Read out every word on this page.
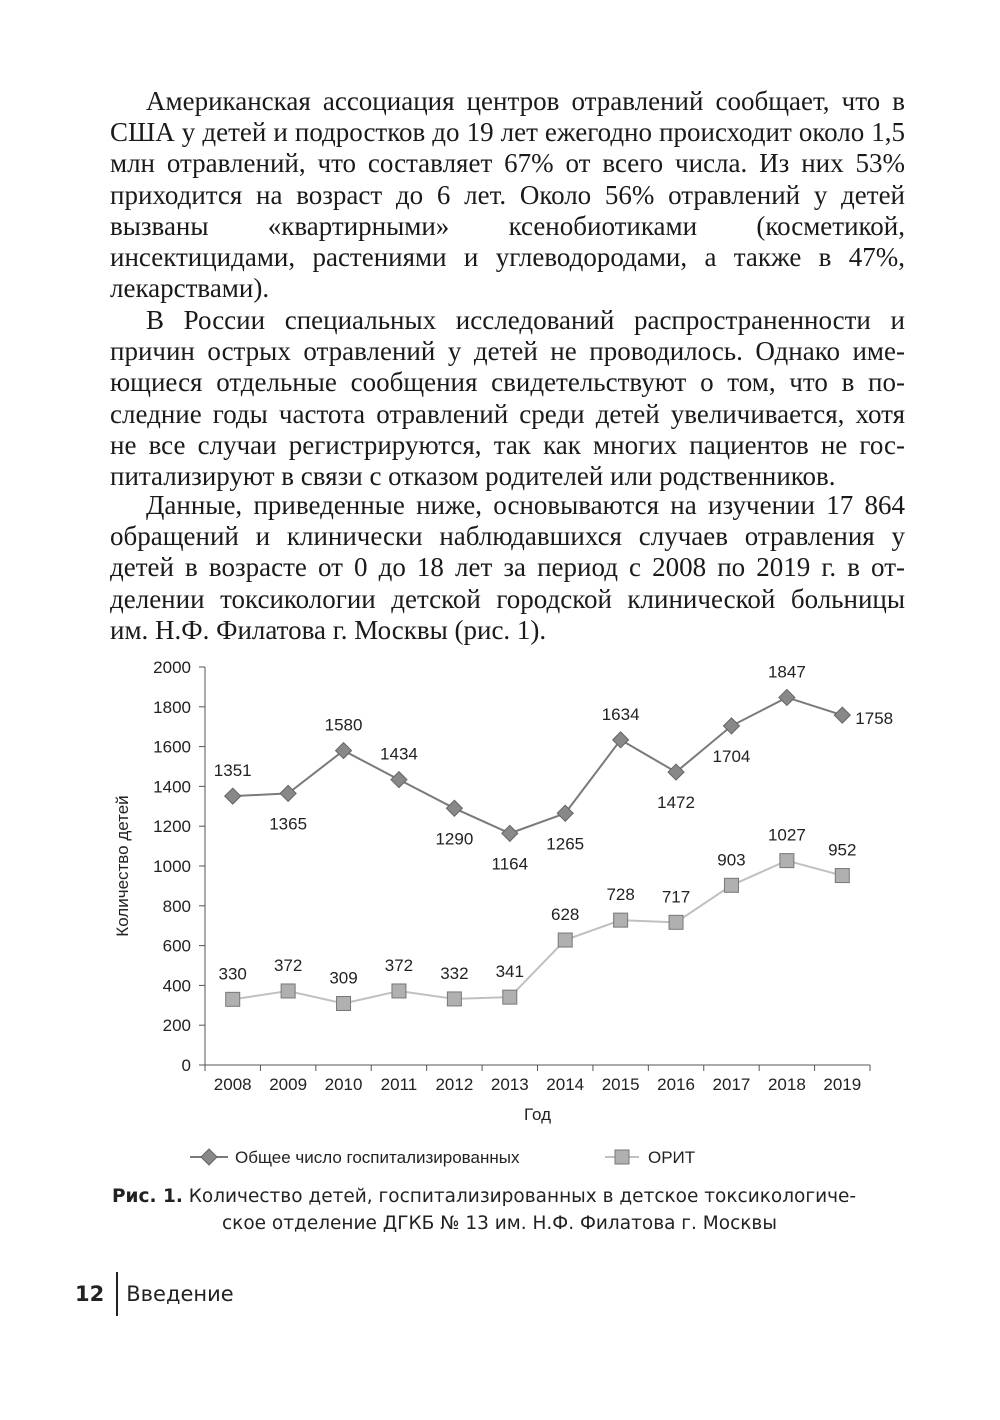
Американская ассоциация центров отравлений сообщает, что в США у детей и подростков до 19 лет ежегодно происходит около 1,5 млн отравлений, что составляет 67% от всего числа. Из них 53% приходится на возраст до 6 лет. Около 56% отравлений у детей вызваны «квартирными» ксенобиотиками (косметикой, инсектицидами, растениями и углеводородами, а также в 47%, лекарствами).

В России специальных исследований распространенности и причин острых отравлений у детей не проводилось. Однако имеющиеся отдельные сообщения свидетельствуют о том, что в последние годы частота отравлений среди детей увеличивается, хотя не все случаи регистрируются, так как многих пациентов не госпитализируют в связи с отказом родителей или родственников.

Данные, приведенные ниже, основываются на изучении 17 864 обращений и клинически наблюдавшихся случаев отравления у детей в возрасте от 0 до 18 лет за период с 2008 по 2019 г. в отделении токсикологии детской городской клинической больницы им. Н.Ф. Филатова г. Москвы (рис. 1).

0
200
400
600
800
1000
1200
1400
1600
1800
2000
2008 2009 2010 2011 2012 2013 2014 2015 2016 2017 2018 2019
Количество детей
Год
1351
1365
1580
1434
1290
1164
1265
1634
1472
1704
1847
1758
330 372
309
372 332 341
628
728 717
903
1027
952
Общее число госпитализированных	ОРИТ
Рис. 1. Количество детей, госпитализированных в детское токсикологиче-
ское отделение ДГКБ № 13 им. Н.Ф. Филатова г. Москвы
12	Введение
